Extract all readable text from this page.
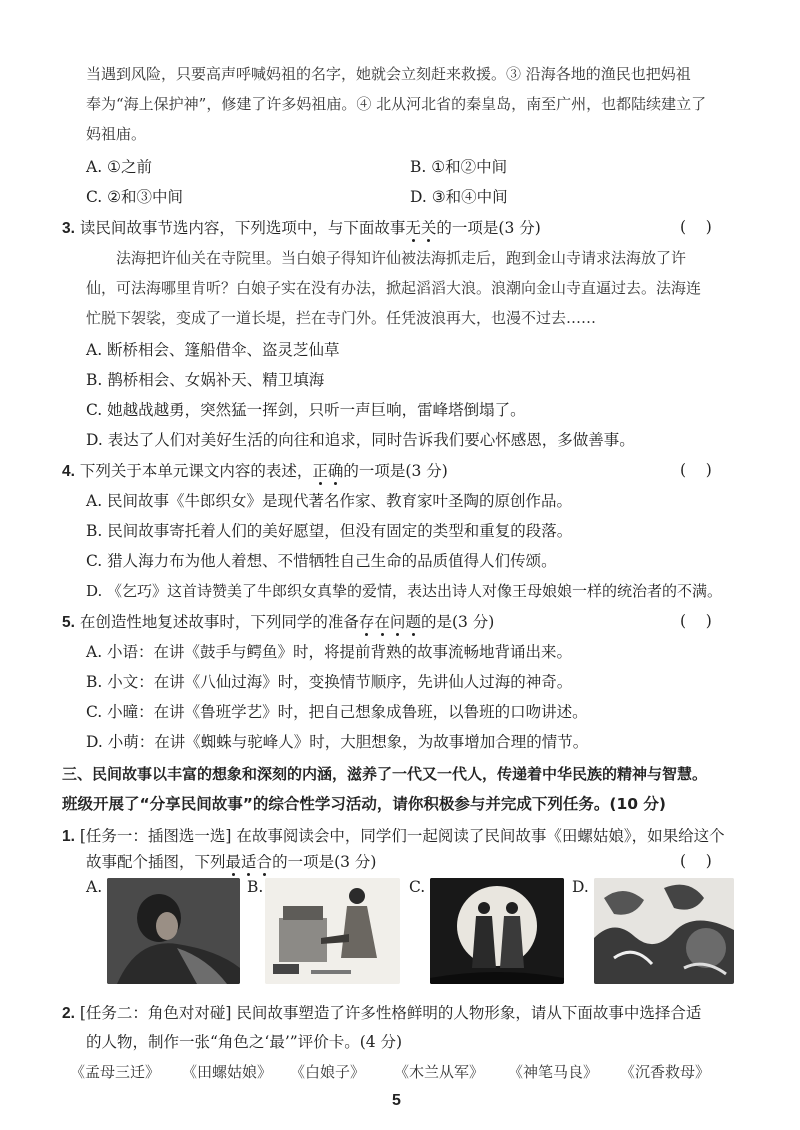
当遇到风险，只要高声呼喊妈祖的名字，她就会立刻赶来救援。③ 沿海各地的渔民也把妈祖
奉为“海上保护神”，修建了许多妈祖庙。④ 北从河北省的秦皇岛，南至广州，也都陆续建立了
妈祖庙。
A. ①之前	B. ①和②中间
C. ②和③中间	D. ③和④中间
3. 读民间故事节选内容，下列选项中，与下面故事无关的一项是(3 分)	(    )
法海把许仙关在寺院里。当白娘子得知许仙被法海抓走后，跑到金山寺请求法海放了许
仙，可法海哪里肯听？白娘子实在没有办法，掀起滔滔大浪。浪潮向金山寺直逼过去。法海连
忙脱下袈裟，变成了一道长堤，拦在寺门外。任凭波浪再大，也漫不过去……
A. 断桥相会、篷船借伞、盗灵芝仙草
B. 鹊桥相会、女娲补天、精卫填海
C. 她越战越勇，突然猛一挥剑，只听一声巨响，雷峰塔倒塌了。
D. 表达了人们对美好生活的向往和追求，同时告诉我们要心怀感恩，多做善事。
4. 下列关于本单元课文内容的表述，正确的一项是(3 分)	(    )
A. 民间故事《牛郎织女》是现代著名作家、教育家叶圣陶的原创作品。
B. 民间故事寄托着人们的美好愿望，但没有固定的类型和重复的段落。
C. 猎人海力布为他人着想、不惜牺牲自己生命的品质值得人们传颂。
D. 《乞巧》这首诗赞美了牛郎织女真挚的爱情，表达出诗人对像王母娘娘一样的统治者的不满。
5. 在创造性地复述故事时，下列同学的准备存在问题的是(3 分)	(    )
A. 小语：在讲《鼓手与鳄鱼》时，将提前背熟的故事流畅地背诵出来。
B. 小文：在讲《八仙过海》时，变换情节顺序，先讲仙人过海的神奇。
C. 小曈：在讲《鲁班学艺》时，把自己想象成鲁班，以鲁班的口吻讲述。
D. 小萌：在讲《蜘蛛与驼峰人》时，大胆想象，为故事增加合理的情节。
三、民间故事以丰富的想象和深刻的内涵，滋养了一代又一代人，传递着中华民族的精神与智慧。
班级开展了“分享民间故事”的综合性学习活动，请你积极参与并完成下列任务。(10 分)
1. [任务一：插图选一选] 在故事阅读会中，同学们一起阅读了民间故事《田螺姑娘》，如果给这个
故事配个插图，下列最适合的一项是(3 分)	(    )
A.	B.	C.	D.
2. [任务二：角色对对碰] 民间故事塑造了许多性格鲜明的人物形象，请从下面故事中选择合适
的人物，制作一张“角色之‘最’”评价卡。(4 分)
《孟母三迁》 《田螺姑娘》 《白娘子》 《木兰从军》 《神笔马良》 《沉香救母》
5
